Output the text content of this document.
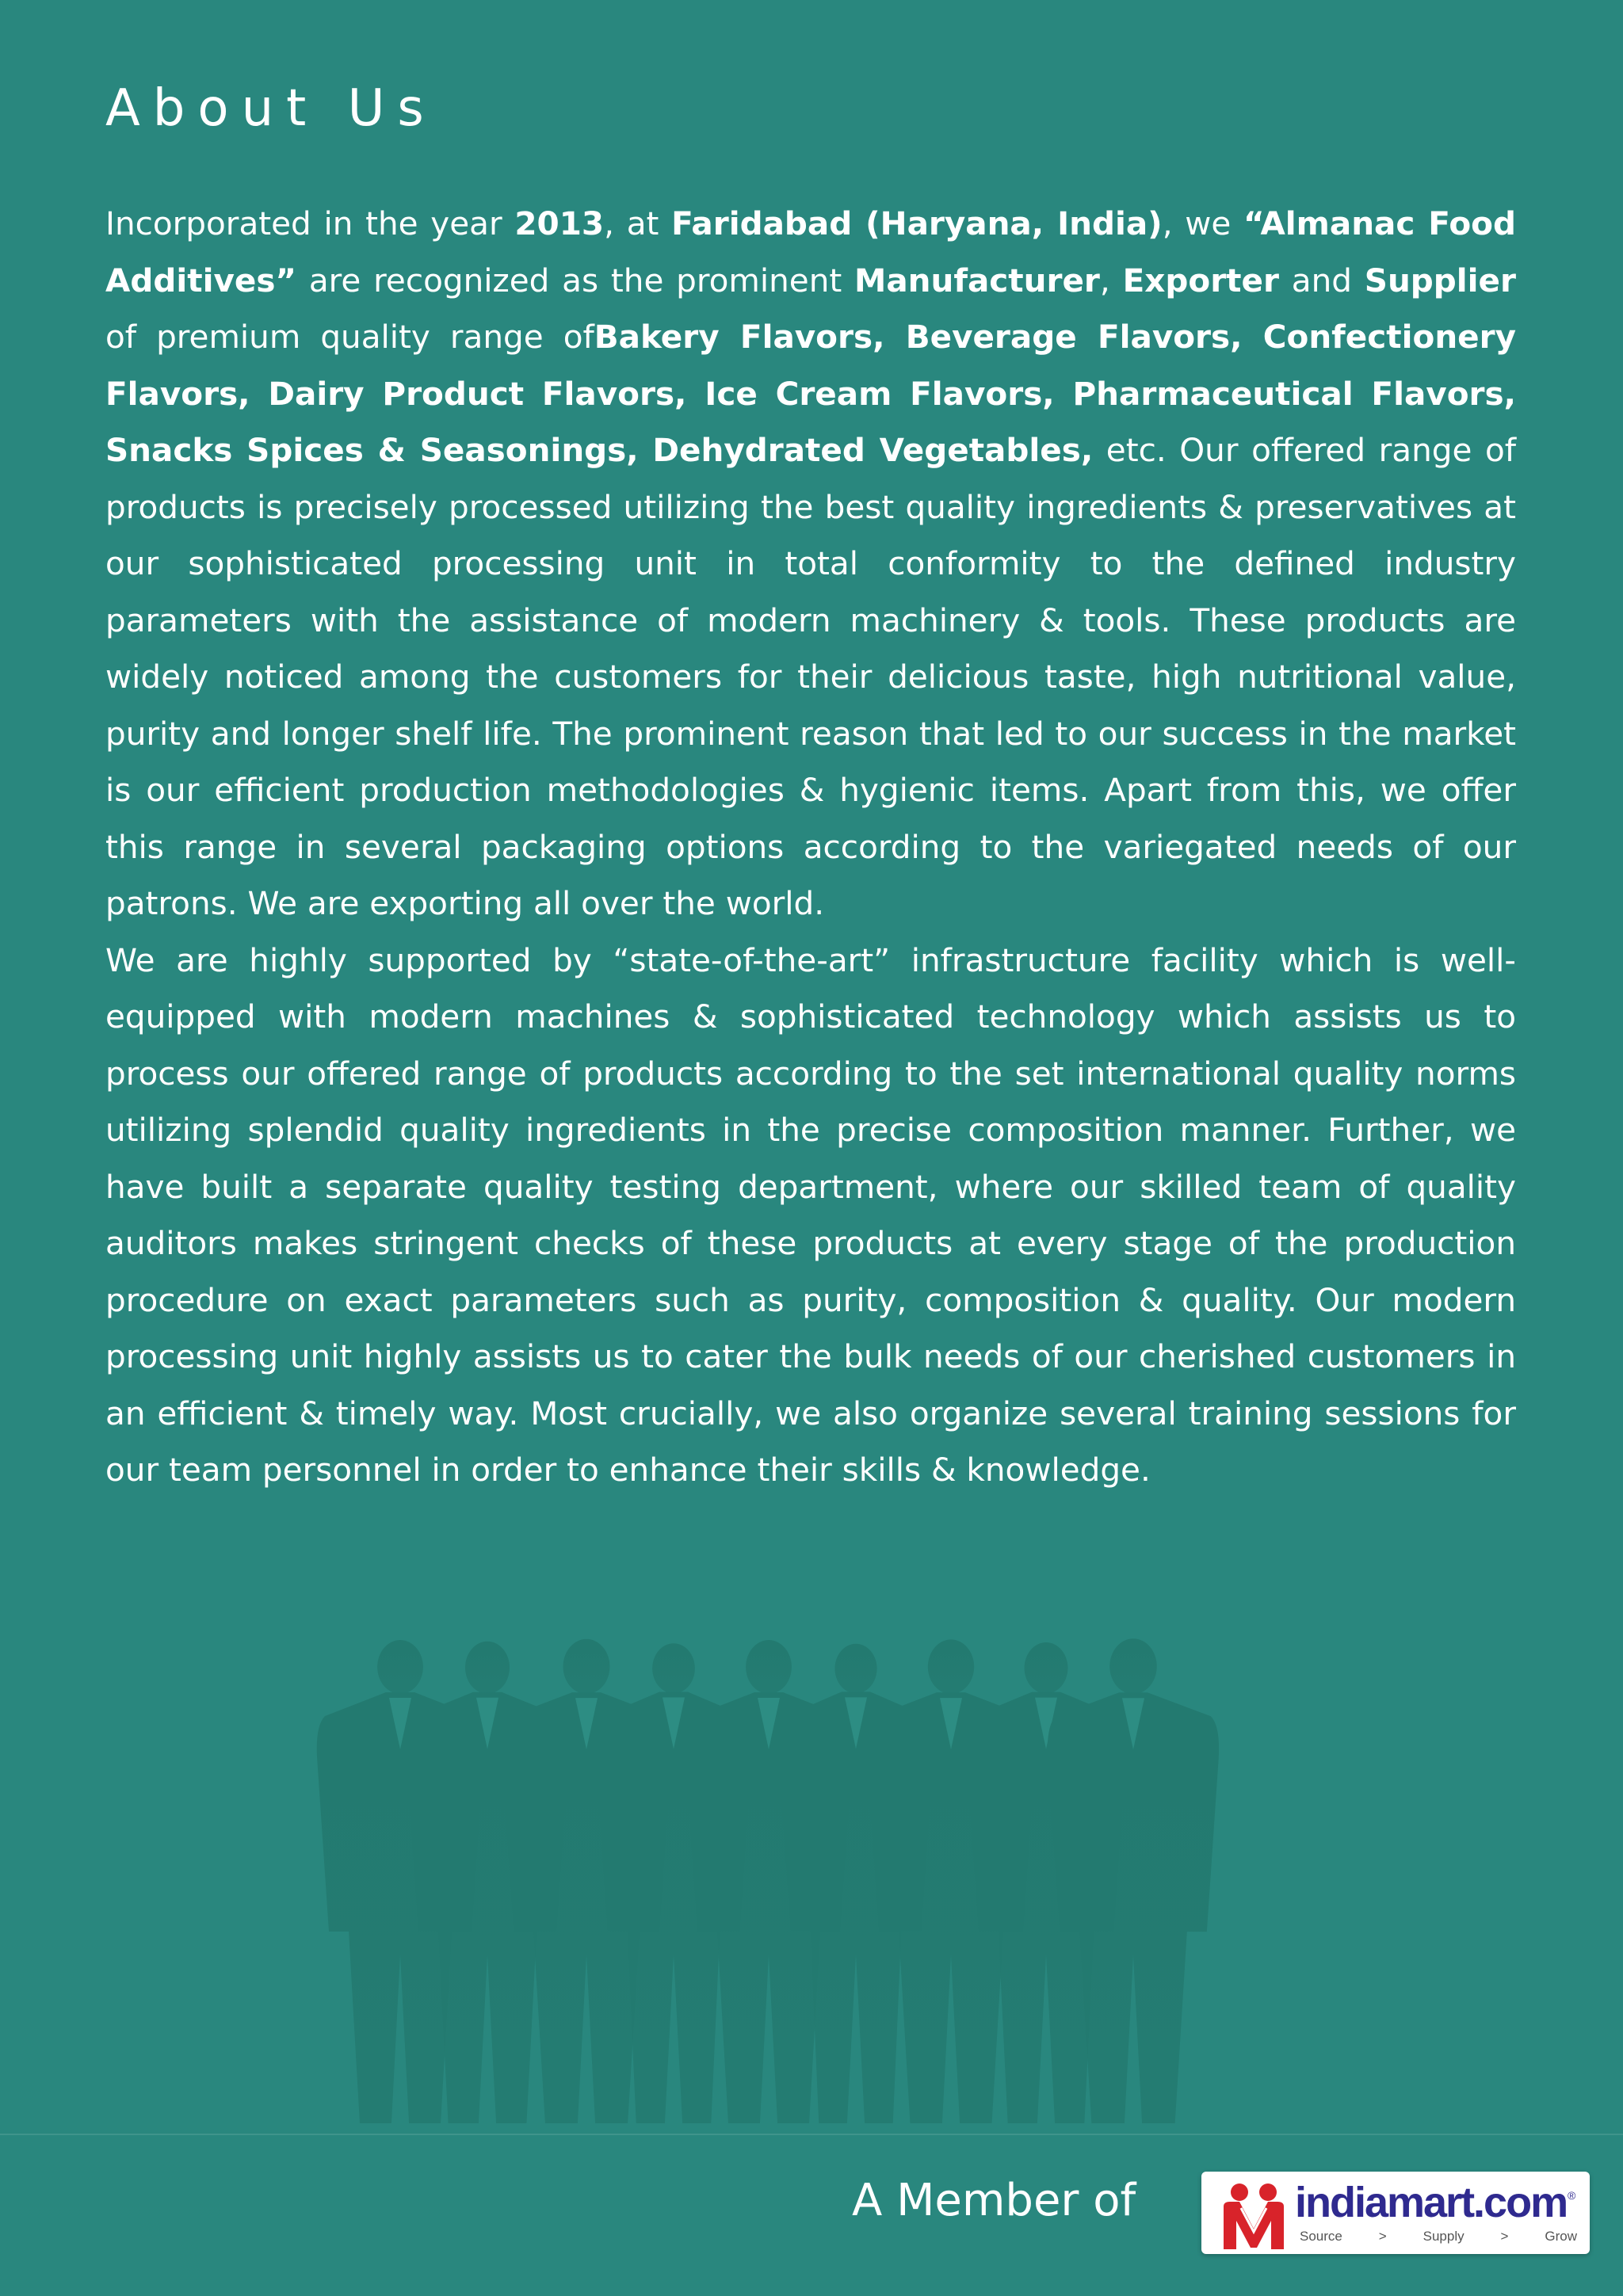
About Us

Incorporated in the year 2013, at Faridabad (Haryana, India), we “Almanac Food Additives” are recognized as the prominent Manufacturer, Exporter and Supplier of premium quality range ofBakery Flavors, Beverage Flavors, Confectionery Flavors, Dairy Product Flavors, Ice Cream Flavors, Pharmaceutical Flavors, Snacks Spices & Seasonings, Dehydrated Vegetables, etc. Our offered range of products is precisely processed utilizing the best quality ingredients & preservatives at our sophisticated processing unit in total conformity to the defined industry parameters with the assistance of modern machinery & tools. These products are widely noticed among the customers for their delicious taste, high nutritional value, purity and longer shelf life. The prominent reason that led to our success in the market is our efficient production methodologies & hygienic items. Apart from this, we offer this range in several packaging options according to the variegated needs of our patrons. We are exporting all over the world.

We are highly supported by “state-of-the-art” infrastructure facility which is well-equipped with modern machines & sophisticated technology which assists us to process our offered range of products according to the set international quality norms utilizing splendid quality ingredients in the precise composition manner. Further, we have built a separate quality testing department, where our skilled team of quality auditors makes stringent checks of these products at every stage of the production procedure on exact parameters such as purity, composition & quality. Our modern processing unit highly assists us to cater the bulk needs of our cherished customers in an efficient & timely way. Most crucially, we also organize several training sessions for our team personnel in order to enhance their skills & knowledge.

A Member of	indiamart.com ®
Source	>	Supply	>	Grow
